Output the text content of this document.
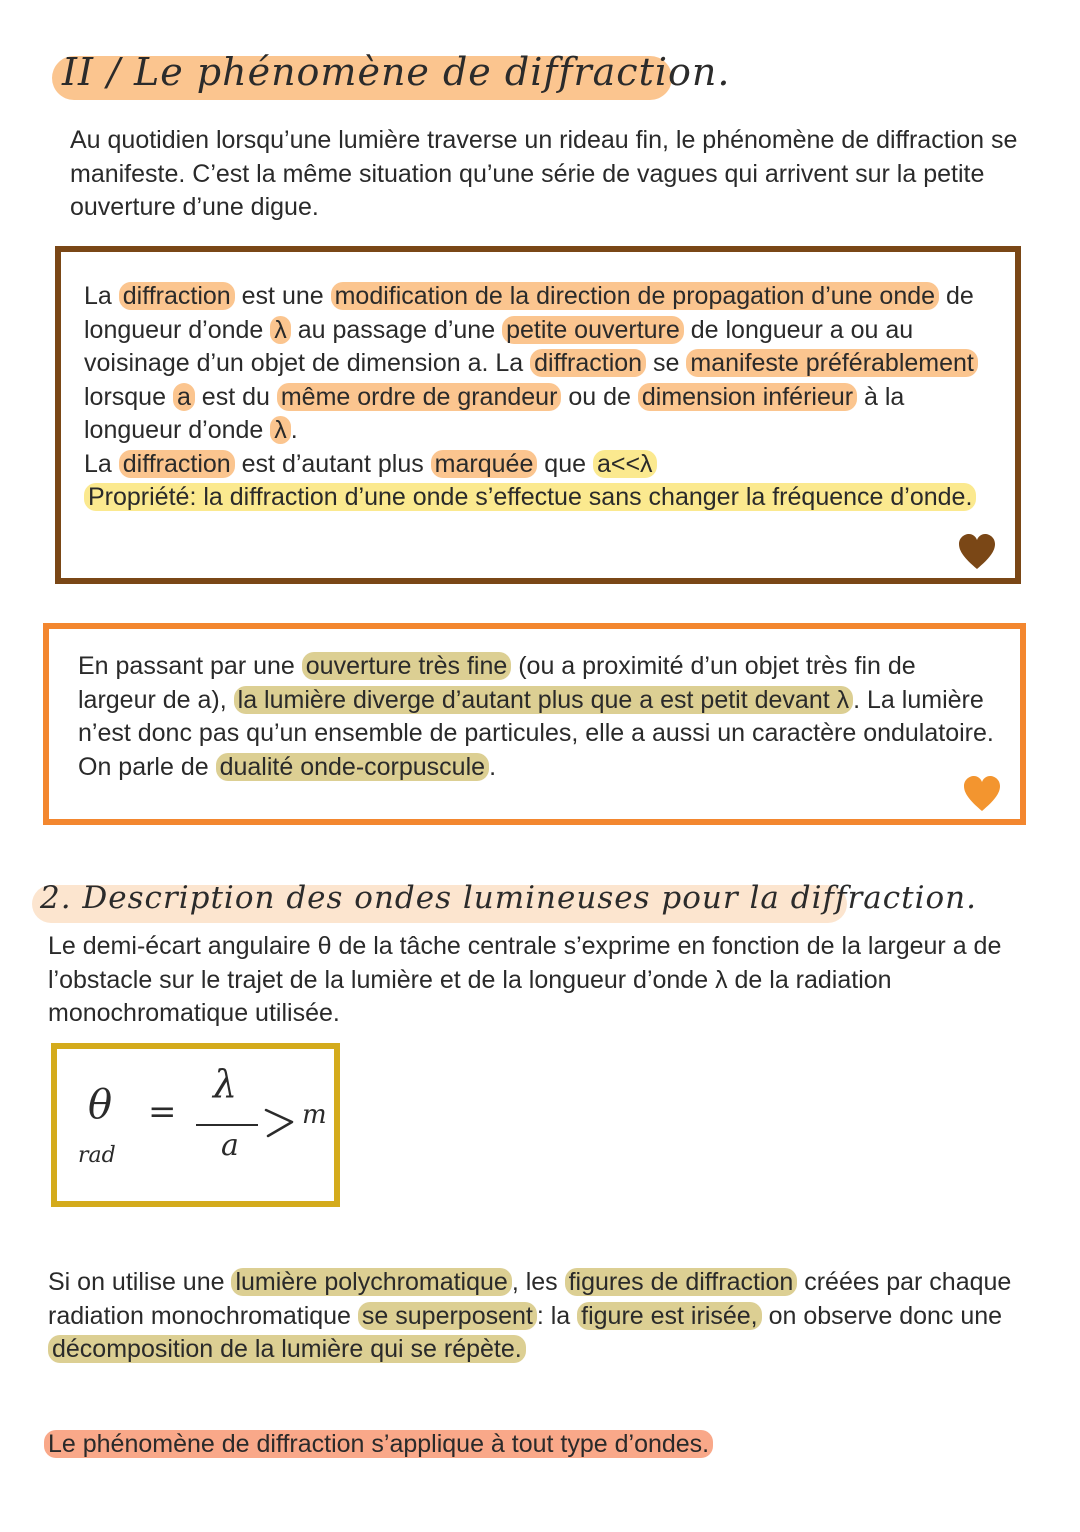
II / Le phénomène de diffraction.
Au quotidien lorsqu’une lumière traverse un rideau fin, le phénomène de diffraction se manifeste. C’est la même situation qu’une série de vagues qui arrivent sur la petite ouverture d’une digue.
La diffraction est une modification de la direction de propagation d’une onde de longueur d’onde λ au passage d’une petite ouverture de longueur a ou au voisinage d’un objet de dimension a. La diffraction se manifeste préférablement lorsque a est du même ordre de grandeur ou de dimension inférieur à la longueur d’onde λ .
La diffraction est d’autant plus marquée que a<<λ
Propriété: la diffraction d’une onde s’effectue sans changer la fréquence d’onde.
En passant par une ouverture très fine (ou a proximité d’un objet très fin de largeur de a), la lumière diverge d’autant plus que a est petit devant λ . La lumière n’est donc pas qu’un ensemble de particules, elle a aussi un caractère ondulatoire. On parle de dualité onde-corpuscule .
2. Description des ondes lumineuses pour la diffraction.
Le demi-écart angulaire θ de la tâche centrale s’exprime en fonction de la largeur a de l’obstacle sur le trajet de la lumière et de la longueur d’onde λ de la radiation monochromatique utilisée.
θ
rad
=
λ
a
m
Si on utilise une lumière polychromatique , les figures de diffraction créées par chaque radiation monochromatique se superposent : la figure est irisée, on observe donc une décomposition de la lumière qui se répète.
Le phénomène de diffraction s’applique à tout type d’ondes.
